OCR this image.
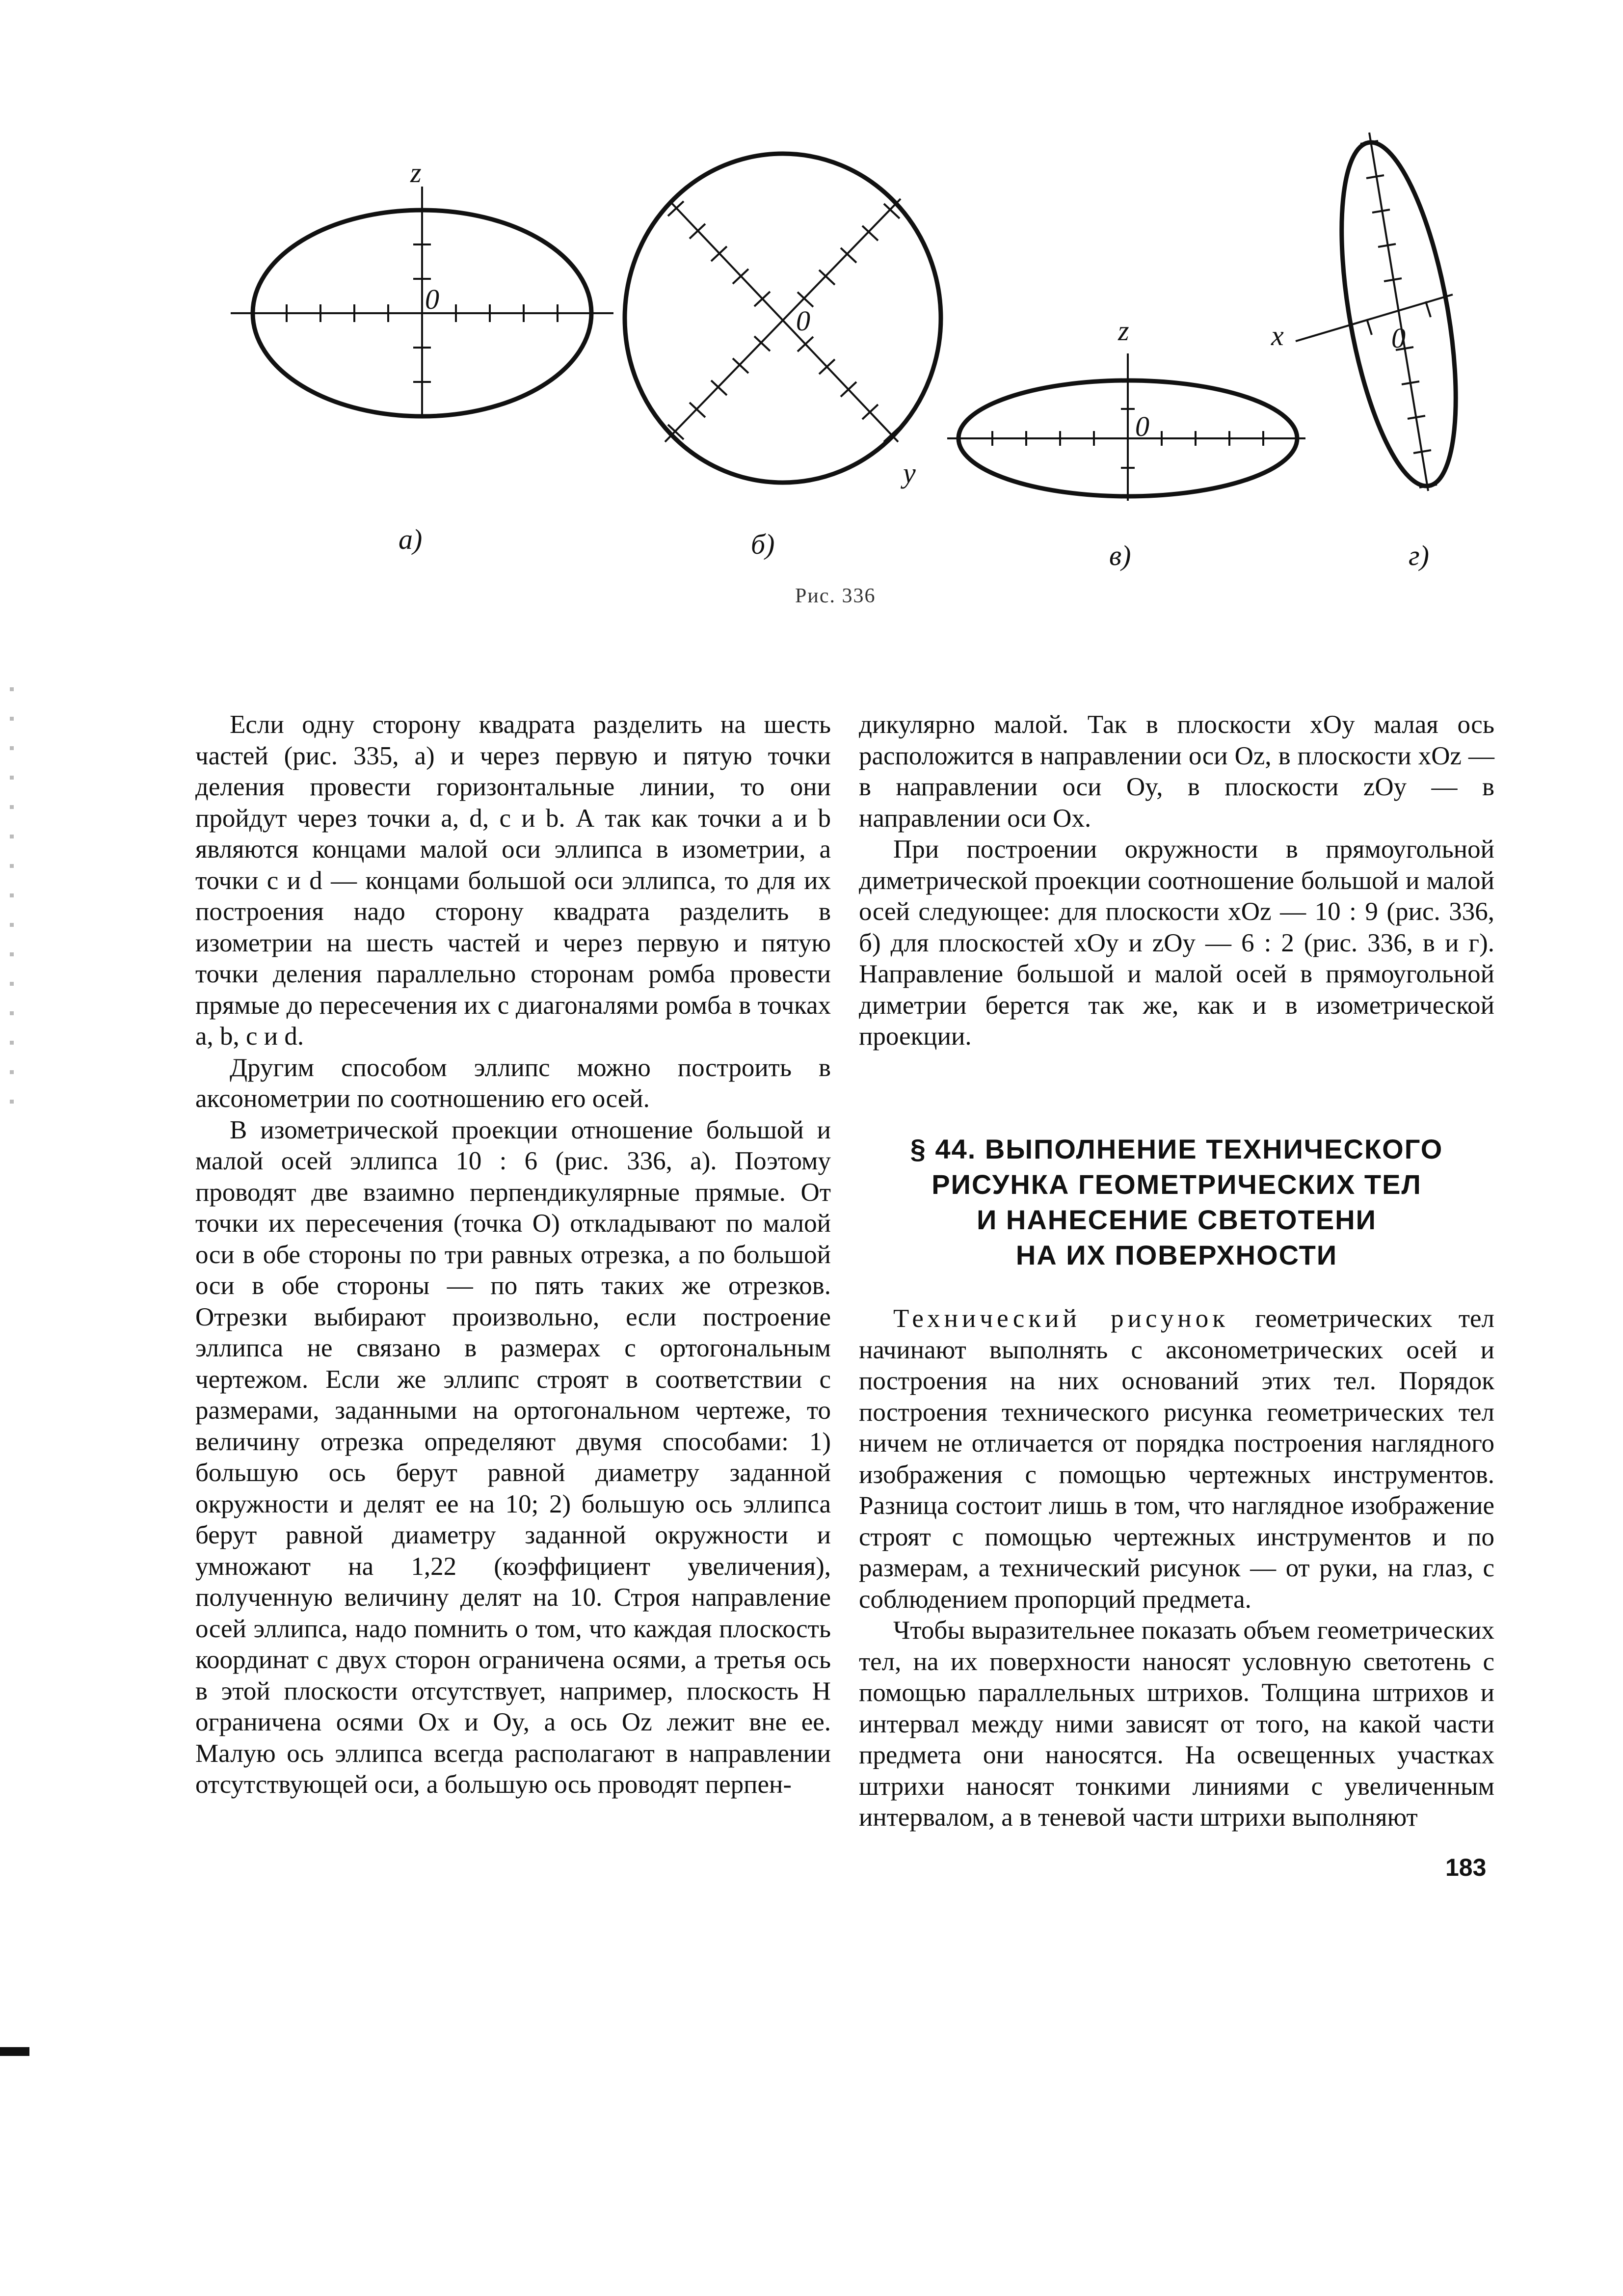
z
0
0
y
z
0
x	0
а)	б)	в)	г)
Рис. 336

Если одну сторону квадрата разделить на шесть частей (рис. 335, а) и через первую и пятую точки деления провести горизонтальные линии, то они пройдут через точки a, d, c и b. А так как точки a и b являются концами малой оси эллипса в изометрии, а точки c и d — концами большой оси эллипса, то для их построения надо сторону квадрата разделить в изометрии на шесть частей и через первую и пятую точки деления параллельно сторонам ромба провести прямые до пересечения их с диагоналями ромба в точках a, b, c и d.

Другим способом эллипс можно построить в аксонометрии по соотношению его осей.

В изометрической проекции отношение большой и малой осей эллипса 10 : 6 (рис. 336, а). Поэтому проводят две взаимно перпендикулярные прямые. От точки их пересечения (точка O) откладывают по малой оси в обе стороны по три равных отрезка, а по большой оси в обе стороны — по пять таких же отрезков. Отрезки выбирают произвольно, если построение эллипса не связано в размерах с ортогональным чертежом. Если же эллипс строят в соответствии с размерами, заданными на ортогональном чертеже, то величину отрезка определяют двумя способами: 1) большую ось берут равной диаметру заданной окружности и делят ее на 10; 2) большую ось эллипса берут равной диаметру заданной окружности и умножают на 1,22 (коэффициент увеличения), полученную величину делят на 10. Строя направление осей эллипса, надо помнить о том, что каждая плоскость координат с двух сторон ограничена осями, а третья ось в этой плоскости отсутствует, например, плоскость H ограничена осями Ox и Oy, а ось Oz лежит вне ее. Малую ось эллипса всегда располагают в направлении отсутствующей оси, а большую ось проводят перпен-

дикулярно малой. Так в плоскости xOy малая ось расположится в направлении оси Oz, в плоскости xOz — в направлении оси Oy, в плоскости zOy — в направлении оси Ox.

При построении окружности в прямоугольной диметрической проекции соотношение большой и малой осей следующее: для плоскости xOz — 10 : 9 (рис. 336, б) для плоскостей xOy и zOy — 6 : 2 (рис. 336, в и г). Направление большой и малой осей в прямоугольной диметрии берется так же, как и в изометрической проекции.

§ 44. ВЫПОЛНЕНИЕ ТЕХНИЧЕСКОГО
РИСУНКА ГЕОМЕТРИЧЕСКИХ ТЕЛ
И НАНЕСЕНИЕ СВЕТОТЕНИ
НА ИХ ПОВЕРХНОСТИ

Технический рисунок геометрических тел начинают выполнять с аксонометрических осей и построения на них оснований этих тел. Порядок построения технического рисунка геометрических тел ничем не отличается от порядка построения наглядного изображения с помощью чертежных инструментов. Разница состоит лишь в том, что наглядное изображение строят с помощью чертежных инструментов и по размерам, а технический рисунок — от руки, на глаз, с соблюдением пропорций предмета.

Чтобы выразительнее показать объем геометрических тел, на их поверхности наносят условную светотень с помощью параллельных штрихов. Толщина штрихов и интервал между ними зависят от того, на какой части предмета они наносятся. На освещенных участках штрихи наносят тонкими линиями с увеличенным интервалом, а в теневой части штрихи выполняют

183
